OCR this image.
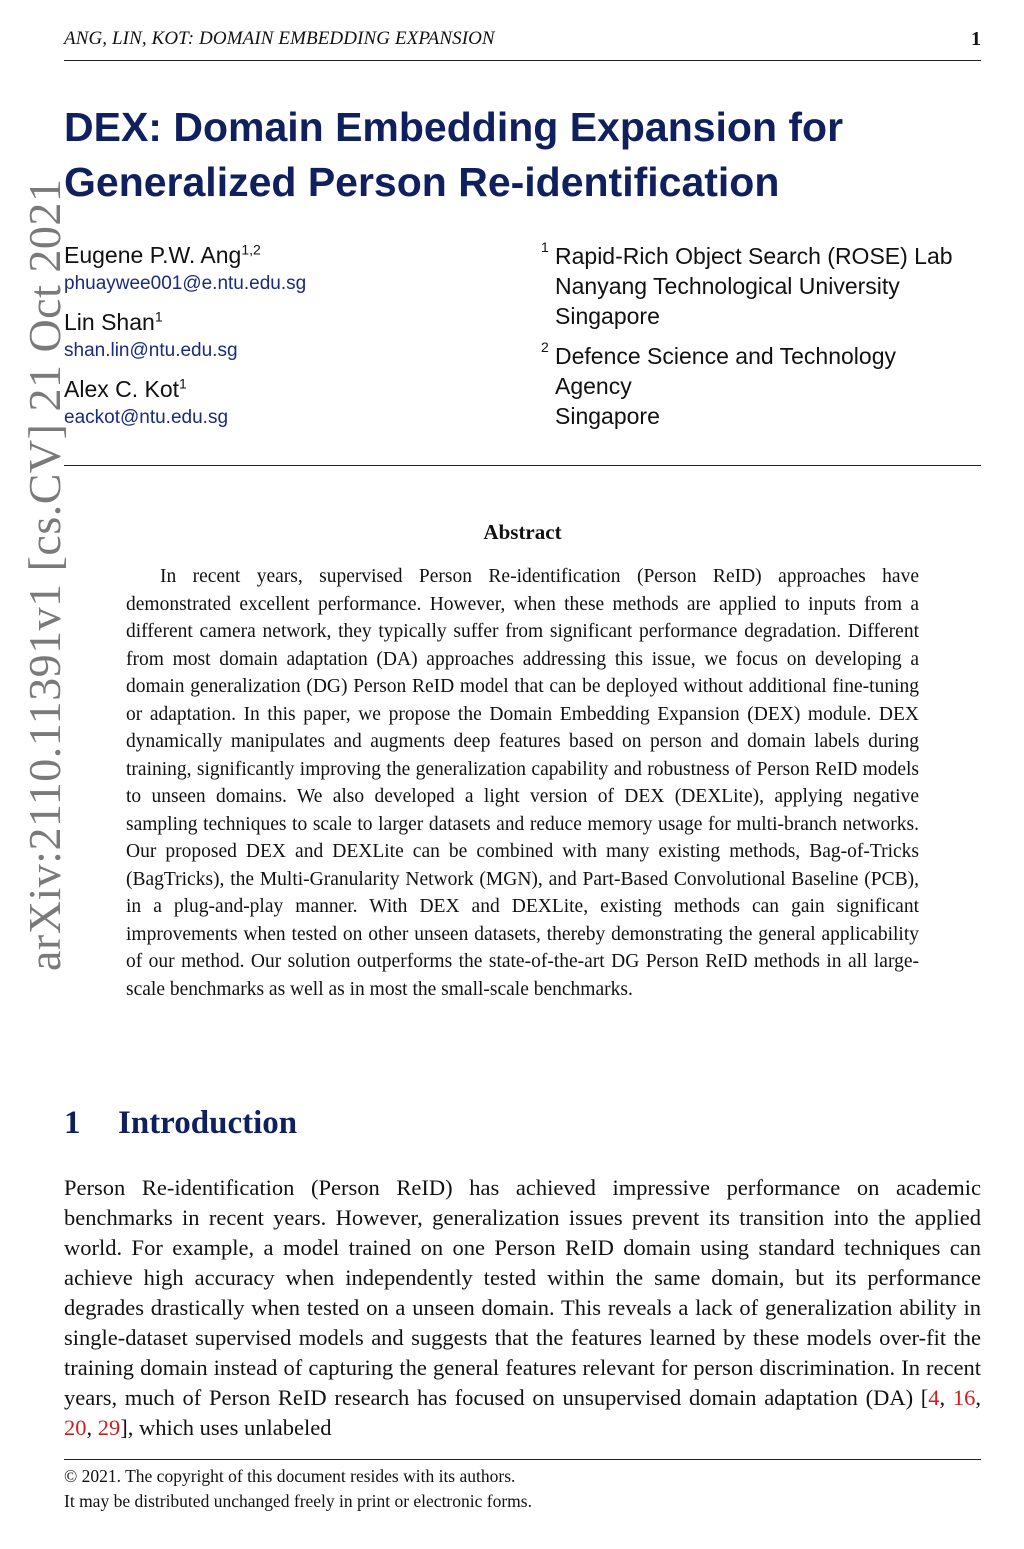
ANG, LIN, KOT: DOMAIN EMBEDDING EXPANSION	1
arXiv:2110.11391v1 [cs.CV] 21 Oct 2021
DEX: Domain Embedding Expansion for
Generalized Person Re-identification
Eugene P.W. Ang$^{1,2}$
phuaywee001@e.ntu.edu.sg
Lin Shan$^1$
shan.lin@ntu.edu.sg
Alex C. Kot$^1$
eackot@ntu.edu.sg
1 Rapid-Rich Object Search (ROSE) Lab
Nanyang Technological University
Singapore
2 Defence Science and Technology
Agency
Singapore
Abstract

In recent years, supervised Person Re-identification (Person ReID) approaches have demonstrated excellent performance. However, when these methods are applied to inputs from a different camera network, they typically suffer from significant performance degradation. Different from most domain adaptation (DA) approaches addressing this issue, we focus on developing a domain generalization (DG) Person ReID model that can be deployed without additional fine-tuning or adaptation. In this paper, we propose the Domain Embedding Expansion (DEX) module. DEX dynamically manipulates and augments deep features based on person and domain labels during training, significantly improving the generalization capability and robustness of Person ReID models to unseen domains. We also developed a light version of DEX (DEXLite), applying negative sampling techniques to scale to larger datasets and reduce memory usage for multi-branch networks. Our proposed DEX and DEXLite can be combined with many existing methods, Bag-of-Tricks (BagTricks), the Multi-Granularity Network (MGN), and Part-Based Convolutional Baseline (PCB), in a plug-and-play manner. With DEX and DEXLite, existing methods can gain significant improvements when tested on other unseen datasets, thereby demonstrating the general applicability of our method. Our solution outperforms the state-of-the-art DG Person ReID methods in all large-scale benchmarks as well as in most the small-scale benchmarks.

1 Introduction

Person Re-identification (Person ReID) has achieved impressive performance on academic benchmarks in recent years. However, generalization issues prevent its transition into the applied world. For example, a model trained on one Person ReID domain using standard techniques can achieve high accuracy when independently tested within the same domain, but its performance degrades drastically when tested on a unseen domain. This reveals a lack of generalization ability in single-dataset supervised models and suggests that the features learned by these models over-fit the training domain instead of capturing the general features relevant for person discrimination. In recent years, much of Person ReID research has focused on unsupervised domain adaptation (DA) [4, 16, 20, 29], which uses unlabeled

© 2021. The copyright of this document resides with its authors.
It may be distributed unchanged freely in print or electronic forms.
